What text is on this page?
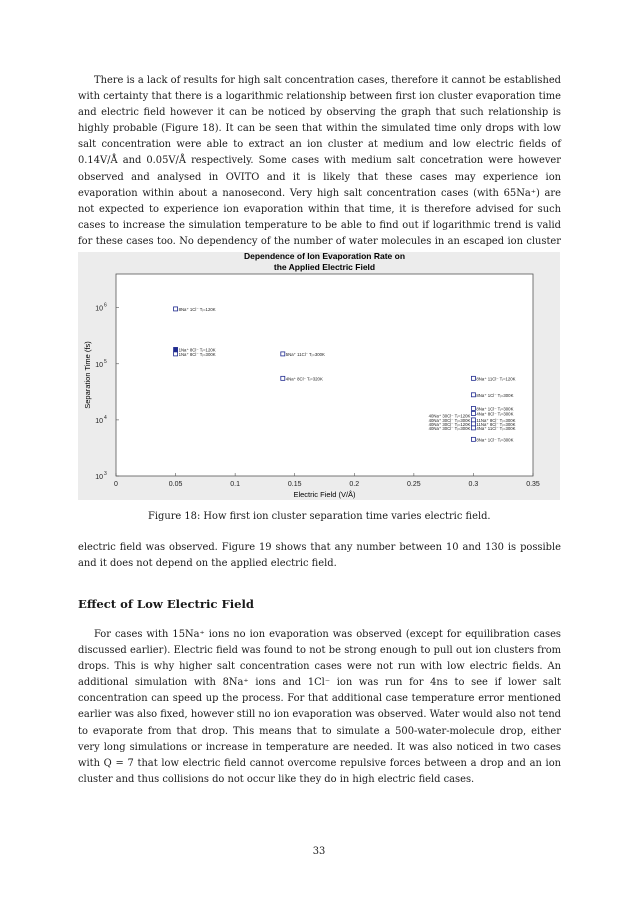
There is a lack of results for high salt concentration cases, therefore it cannot be established with certainty that there is a logarithmic relationship between first ion cluster evaporation time and electric field however it can be noticed by observing the graph that such relationship is highly probable (Figure 18). It can be seen that within the simulated time only drops with low salt concentration were able to extract an ion cluster at medium and low electric fields of 0.14V/Å and 0.05V/Å respectively. Some cases with medium salt concetration were however observed and analysed in OVITO and it is likely that these cases may experience ion evaporation within about a nanosecond. Very high salt concentration cases (with 65Na⁺) are not expected to experience ion evaporation within that time, it is therefore advised for such cases to increase the simulation temperature to be able to find out if logarithmic trend is valid for these cases too. No dependency of the number of water molecules in an escaped ion cluster

Dependence of Ion Evaporation Rate on
the Applied Electric Field
0	0.05	0.1	0.15	0.2	0.25	0.3	0.35
10 3
10 4
10 5
10 6
Electric Field (V/Å)
Separation Time (fs)
8Na⁺ 1Cl⁻ Tᵢ=120K
1Na⁺ 8Cl⁻ Tᵢ=120K
1Na⁺ 8Cl⁻ Tᵢ=300K	5Na⁺ 11Cl⁻ Tᵢ=300K
4Na⁺ 8Cl⁻ Tᵢ=320K	8Na⁺ 11Cl⁻ Tᵢ=120K
8Na⁺ 1Cl⁻ Tᵢ=300K
8Na⁺ 1Cl⁻ Tᵢ=300K
4Na⁺ 8Cl⁻ Tᵢ=300K
11Na⁺ 8Cl⁻ Tᵢ=300K
11Na⁺ 8Cl⁻ Tᵢ=300K
4Na⁺ 11Cl⁻ Tᵢ=300K
8Na⁺ 1Cl⁻ Tᵢ=300K
40Na⁺ 30Cl⁻ Tᵢ=120K
40Na⁺ 30Cl⁻ Tᵢ=300K
40Na⁺ 30Cl⁻ Tᵢ=120K
40Na⁺ 30Cl⁻ Tᵢ=300K
Figure 18: How first ion cluster separation time varies electric field.

electric field was observed. Figure 19 shows that any number between 10 and 130 is possible and it does not depend on the applied electric field.

Effect of Low Electric Field

For cases with 15Na⁺ ions no ion evaporation was observed (except for equilibration cases discussed earlier). Electric field was found to not be strong enough to pull out ion clusters from drops. This is why higher salt concentration cases were not run with low electric fields. An additional simulation with 8Na⁺ ions and 1Cl⁻ ion was run for 4ns to see if lower salt concentration can speed up the process. For that additional case temperature error mentioned earlier was also fixed, however still no ion evaporation was observed. Water would also not tend to evaporate from that drop. This means that to simulate a 500-water-molecule drop, either very long simulations or increase in temperature are needed. It was also noticed in two cases with Q = 7 that low electric field cannot overcome repulsive forces between a drop and an ion cluster and thus collisions do not occur like they do in high electric field cases.

33
